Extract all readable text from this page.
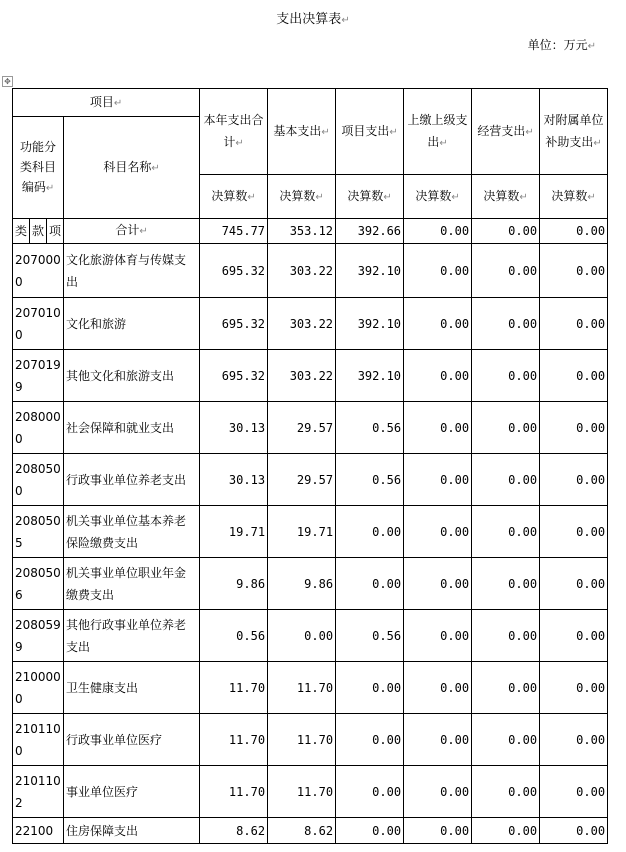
支出决算表↵
单位：万元↵
✥
项目↵				本年支出合计↵	基本支出↵	项目支出↵	上缴上级支出↵	经营支出↵	对附属单位补助支出↵
功能分类科目编码↵			科目名称↵						
				决算数↵	决算数↵	决算数↵	决算数↵	决算数↵	决算数↵
类	款	项	合计↵	745.77	353.12	392.66	0.00	0.00	0.00
2070000			文化旅游体育与传媒支出	695.32	303.22	392.10	0.00	0.00	0.00
2070100			文化和旅游	695.32	303.22	392.10	0.00	0.00	0.00
2070199			其他文化和旅游支出	695.32	303.22	392.10	0.00	0.00	0.00
2080000			社会保障和就业支出	30.13	29.57	0.56	0.00	0.00	0.00
2080500			行政事业单位养老支出	30.13	29.57	0.56	0.00	0.00	0.00
2080505			机关事业单位基本养老保险缴费支出	19.71	19.71	0.00	0.00	0.00	0.00
2080506			机关事业单位职业年金缴费支出	9.86	9.86	0.00	0.00	0.00	0.00
2080599			其他行政事业单位养老支出	0.56	0.00	0.56	0.00	0.00	0.00
2100000			卫生健康支出	11.70	11.70	0.00	0.00	0.00	0.00
2101100			行政事业单位医疗	11.70	11.70	0.00	0.00	0.00	0.00
2101102			事业单位医疗	11.70	11.70	0.00	0.00	0.00	0.00
22100			住房保障支出	8.62	8.62	0.00	0.00	0.00	0.00
